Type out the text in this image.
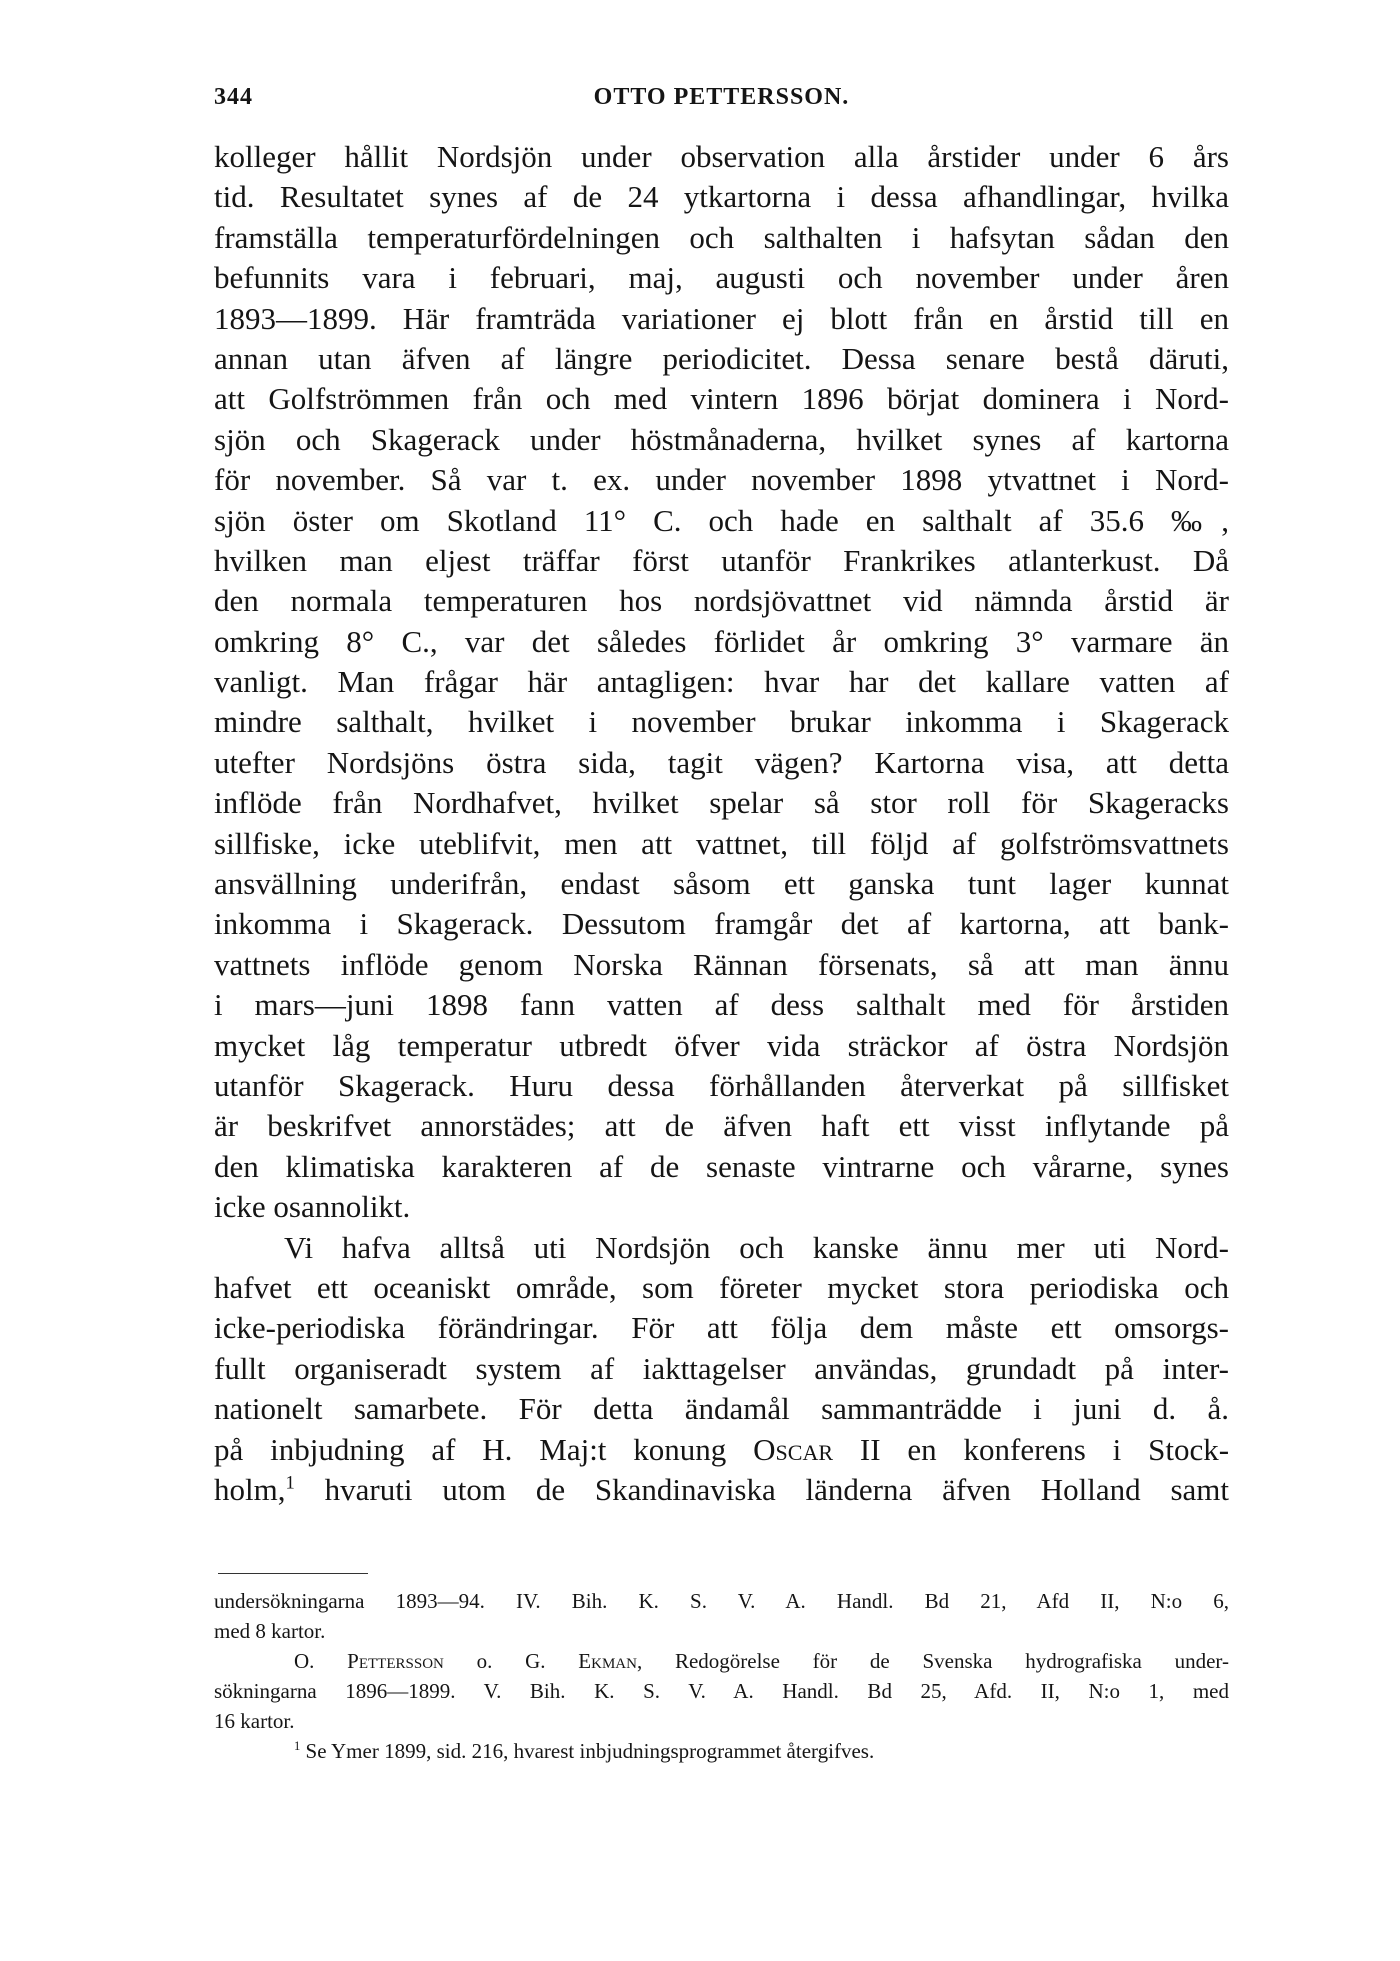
344	OTTO PETTERSSON.
kolleger hållit Nordsjön under observation alla årstider under 6 års
tid. Resultatet synes af de 24 ytkartorna i dessa afhandlingar, hvilka
framställa temperaturfördelningen och salthalten i hafsytan sådan den
befunnits vara i februari, maj, augusti och november under åren
1893—1899. Här framträda variationer ej blott från en årstid till en
annan utan äfven af längre periodicitet. Dessa senare bestå däruti,
att Golfströmmen från och med vintern 1896 börjat dominera i Nord-
sjön och Skagerack under höstmånaderna, hvilket synes af kartorna
för november. Så var t. ex. under november 1898 ytvattnet i Nord-
sjön öster om Skotland 11° C. och hade en salthalt af 35.6 ‰,
hvilken man eljest träffar först utanför Frankrikes atlanterkust. Då
den normala temperaturen hos nordsjövattnet vid nämnda årstid är
omkring 8° C., var det således förlidet år omkring 3° varmare än
vanligt. Man frågar här antagligen: hvar har det kallare vatten af
mindre salthalt, hvilket i november brukar inkomma i Skagerack
utefter Nordsjöns östra sida, tagit vägen? Kartorna visa, att detta
inflöde från Nordhafvet, hvilket spelar så stor roll för Skageracks
sillfiske, icke uteblifvit, men att vattnet, till följd af golfströmsvattnets
ansvällning underifrån, endast såsom ett ganska tunt lager kunnat
inkomma i Skagerack. Dessutom framgår det af kartorna, att bank-
vattnets inflöde genom Norska Rännan försenats, så att man ännu
i mars—juni 1898 fann vatten af dess salthalt med för årstiden
mycket låg temperatur utbredt öfver vida sträckor af östra Nordsjön
utanför Skagerack. Huru dessa förhållanden återverkat på sillfisket
är beskrifvet annorstädes; att de äfven haft ett visst inflytande på
den klimatiska karakteren af de senaste vintrarne och vårarne, synes
icke osannolikt.
Vi hafva alltså uti Nordsjön och kanske ännu mer uti Nord-
hafvet ett oceaniskt område, som företer mycket stora periodiska och
icke-periodiska förändringar. För att följa dem måste ett omsorgs-
fullt organiseradt system af iakttagelser användas, grundadt på inter-
nationelt samarbete. För detta ändamål sammanträdde i juni d. å.
på inbjudning af H. Maj:t konung Oscar II en konferens i Stock-
holm,$^1$ hvaruti utom de Skandinaviska länderna äfven Holland samt
undersökningarna 1893—94. IV. Bih. K. S. V. A. Handl. Bd 21, Afd II, N:o 6,
med 8 kartor.
O. Pettersson o. G. Ekman, Redogörelse för de Svenska hydrografiska under-
sökningarna 1896—1899. V. Bih. K. S. V. A. Handl. Bd 25, Afd. II, N:o 1, med
16 kartor.
$^1$ Se Ymer 1899, sid. 216, hvarest inbjudningsprogrammet återgifves.
